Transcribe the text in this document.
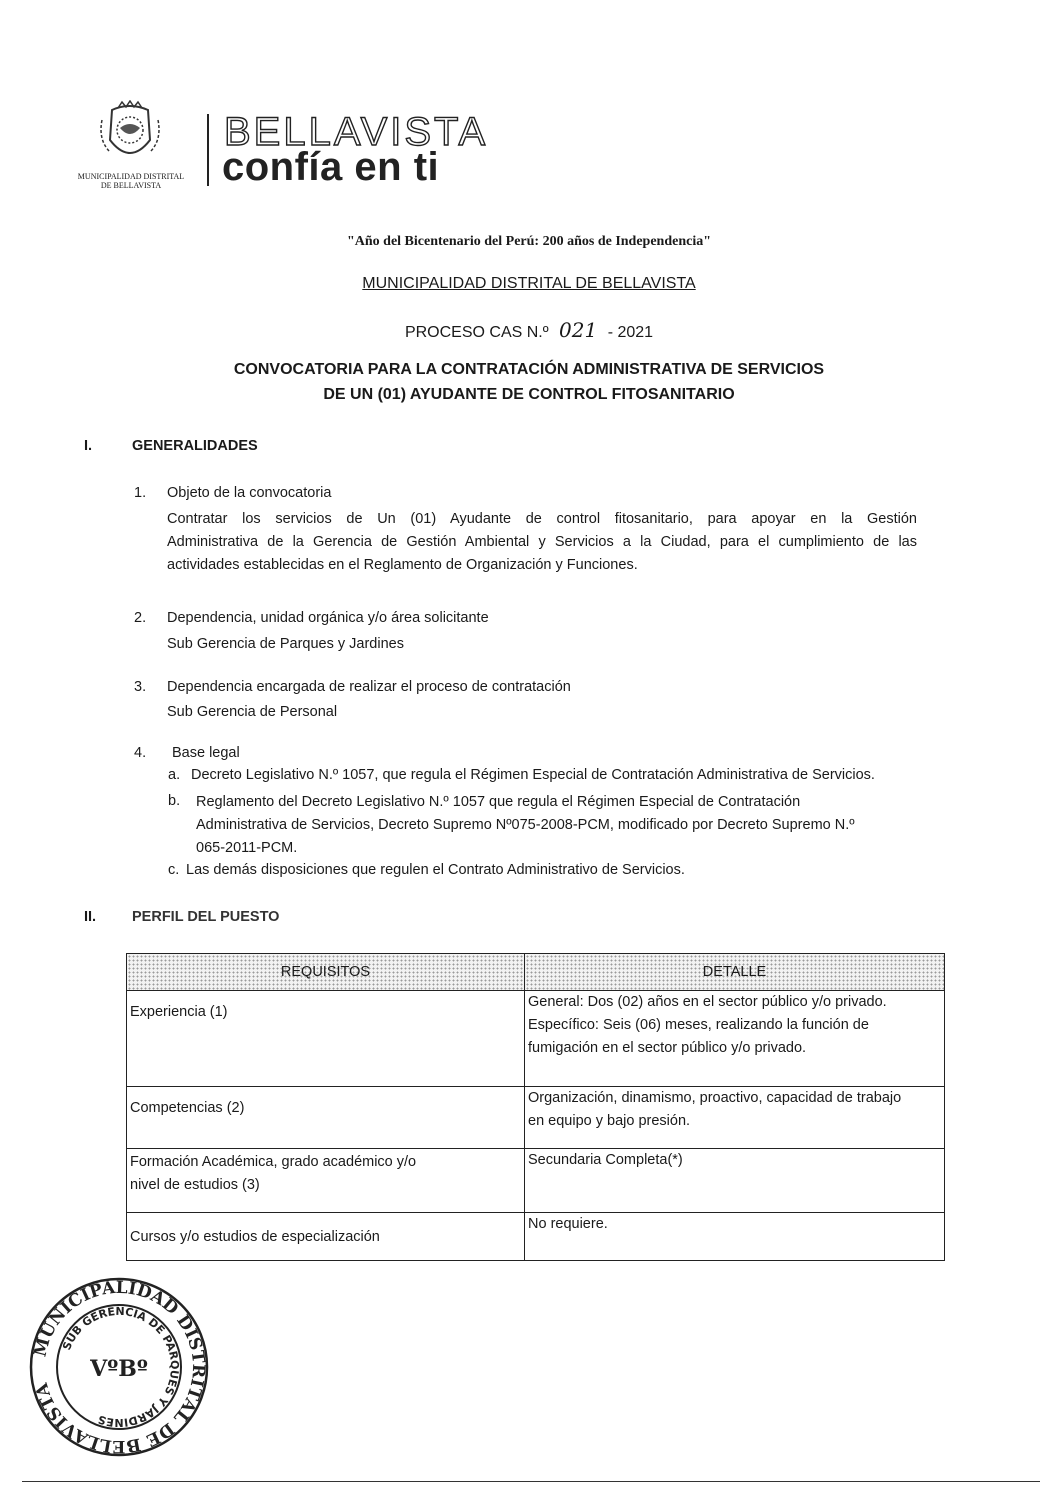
MUNICIPALIDAD DISTRITAL
DE BELLAVISTA
BELLAVISTA
confía en ti
"Año del Bicentenario del Perú: 200 años de Independencia"
MUNICIPALIDAD DISTRITAL DE BELLAVISTA
PROCESO CAS N.º 021 - 2021
CONVOCATORIA PARA LA CONTRATACIÓN ADMINISTRATIVA DE SERVICIOS
DE UN (01) AYUDANTE DE CONTROL FITOSANITARIO
I.	GENERALIDADES
1. Objeto de la convocatoria
Contratar los servicios de Un (01) Ayudante de control fitosanitario, para apoyar en la Gestión
Administrativa de la Gerencia de Gestión Ambiental y Servicios a la Ciudad, para el cumplimiento de las
actividades establecidas en el Reglamento de Organización y Funciones.
2. Dependencia, unidad orgánica y/o área solicitante
Sub Gerencia de Parques y Jardines
3. Dependencia encargada de realizar el proceso de contratación
Sub Gerencia de Personal
4. Base legal
a. Decreto Legislativo N.º 1057, que regula el Régimen Especial de Contratación Administrativa de Servicios.
b. Reglamento del Decreto Legislativo N.º 1057 que regula el Régimen Especial de Contratación
Administrativa de Servicios, Decreto Supremo Nº075-2008-PCM, modificado por Decreto Supremo N.º
065-2011-PCM.
c. Las demás disposiciones que regulen el Contrato Administrativo de Servicios.
II. PERFIL DEL PUESTO
REQUISITOS	DETALLE

Experiencia (1)	General: Dos (02) años en el sector público y/o privado.
Específico: Seis (06) meses, realizando la función de
fumigación en el sector público y/o privado.

Competencias (2)	Organización, dinamismo, proactivo, capacidad de trabajo
en equipo y bajo presión.

Formación Académica, grado académico y/o
nivel de estudios (3)	Secundaria Completa(*)

Cursos y/o estudios de especialización	No requiere.
MUNICIPALIDAD DISTRITAL DE BELLAVISTA
SUB GERENCIA DE PARQUES Y JARDINES
VºBº
